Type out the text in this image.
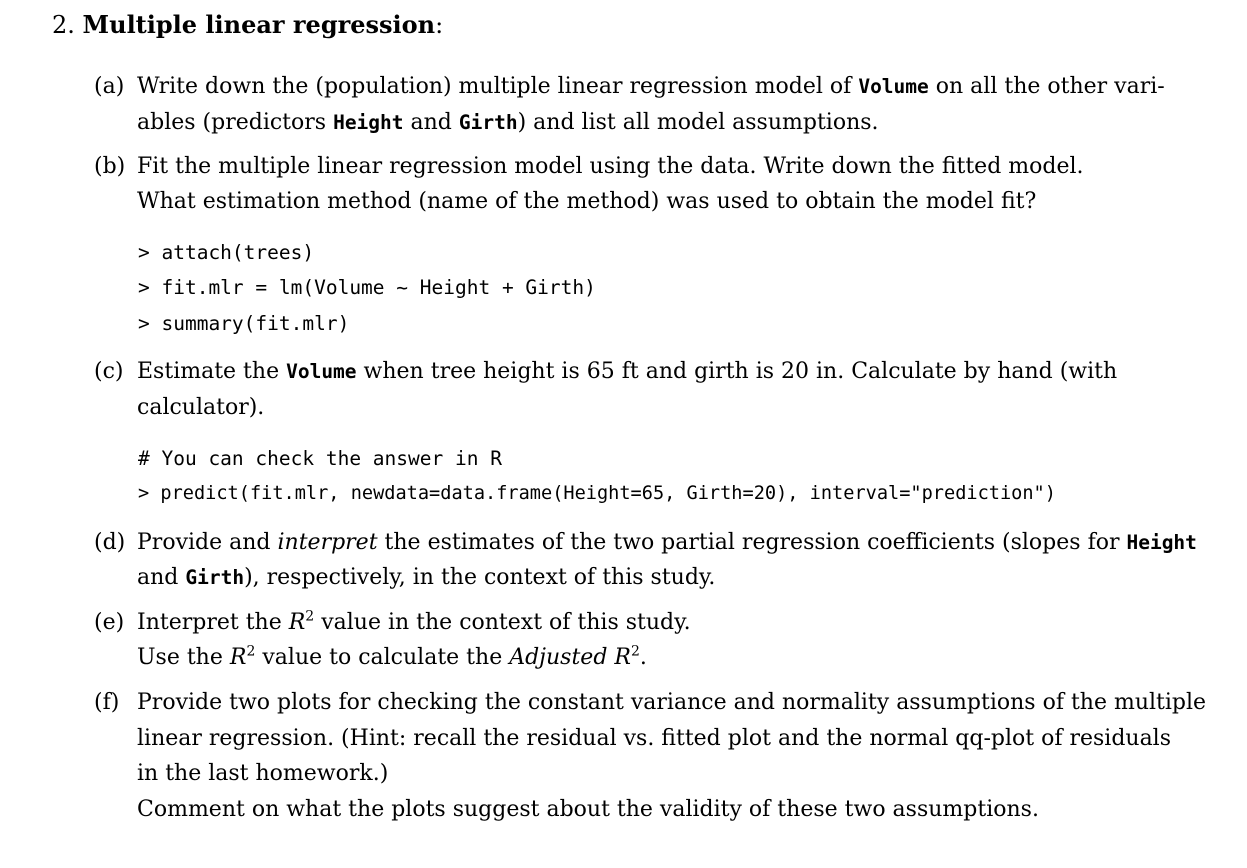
2. Multiple linear regression:
(a) Write down the (population) multiple linear regression model of Volume on all the other vari-
ables (predictors Height and Girth) and list all model assumptions.
(b) Fit the multiple linear regression model using the data. Write down the fitted model.
What estimation method (name of the method) was used to obtain the model fit?
> attach(trees)
> fit.mlr = lm(Volume ~ Height + Girth)
> summary(fit.mlr)
(c) Estimate the Volume when tree height is 65 ft and girth is 20 in. Calculate by hand (with
calculator).
# You can check the answer in R
> predict(fit.mlr, newdata=data.frame(Height=65, Girth=20), interval="prediction")
(d) Provide and interpret the estimates of the two partial regression coefficients (slopes for Height
and Girth), respectively, in the context of this study.
(e) Interpret the $R^2$ value in the context of this study.
Use the $R^2$ value to calculate the Adjusted $R^2$.
(f) Provide two plots for checking the constant variance and normality assumptions of the multiple
linear regression. (Hint: recall the residual vs. fitted plot and the normal qq-plot of residuals
in the last homework.)
Comment on what the plots suggest about the validity of these two assumptions.
